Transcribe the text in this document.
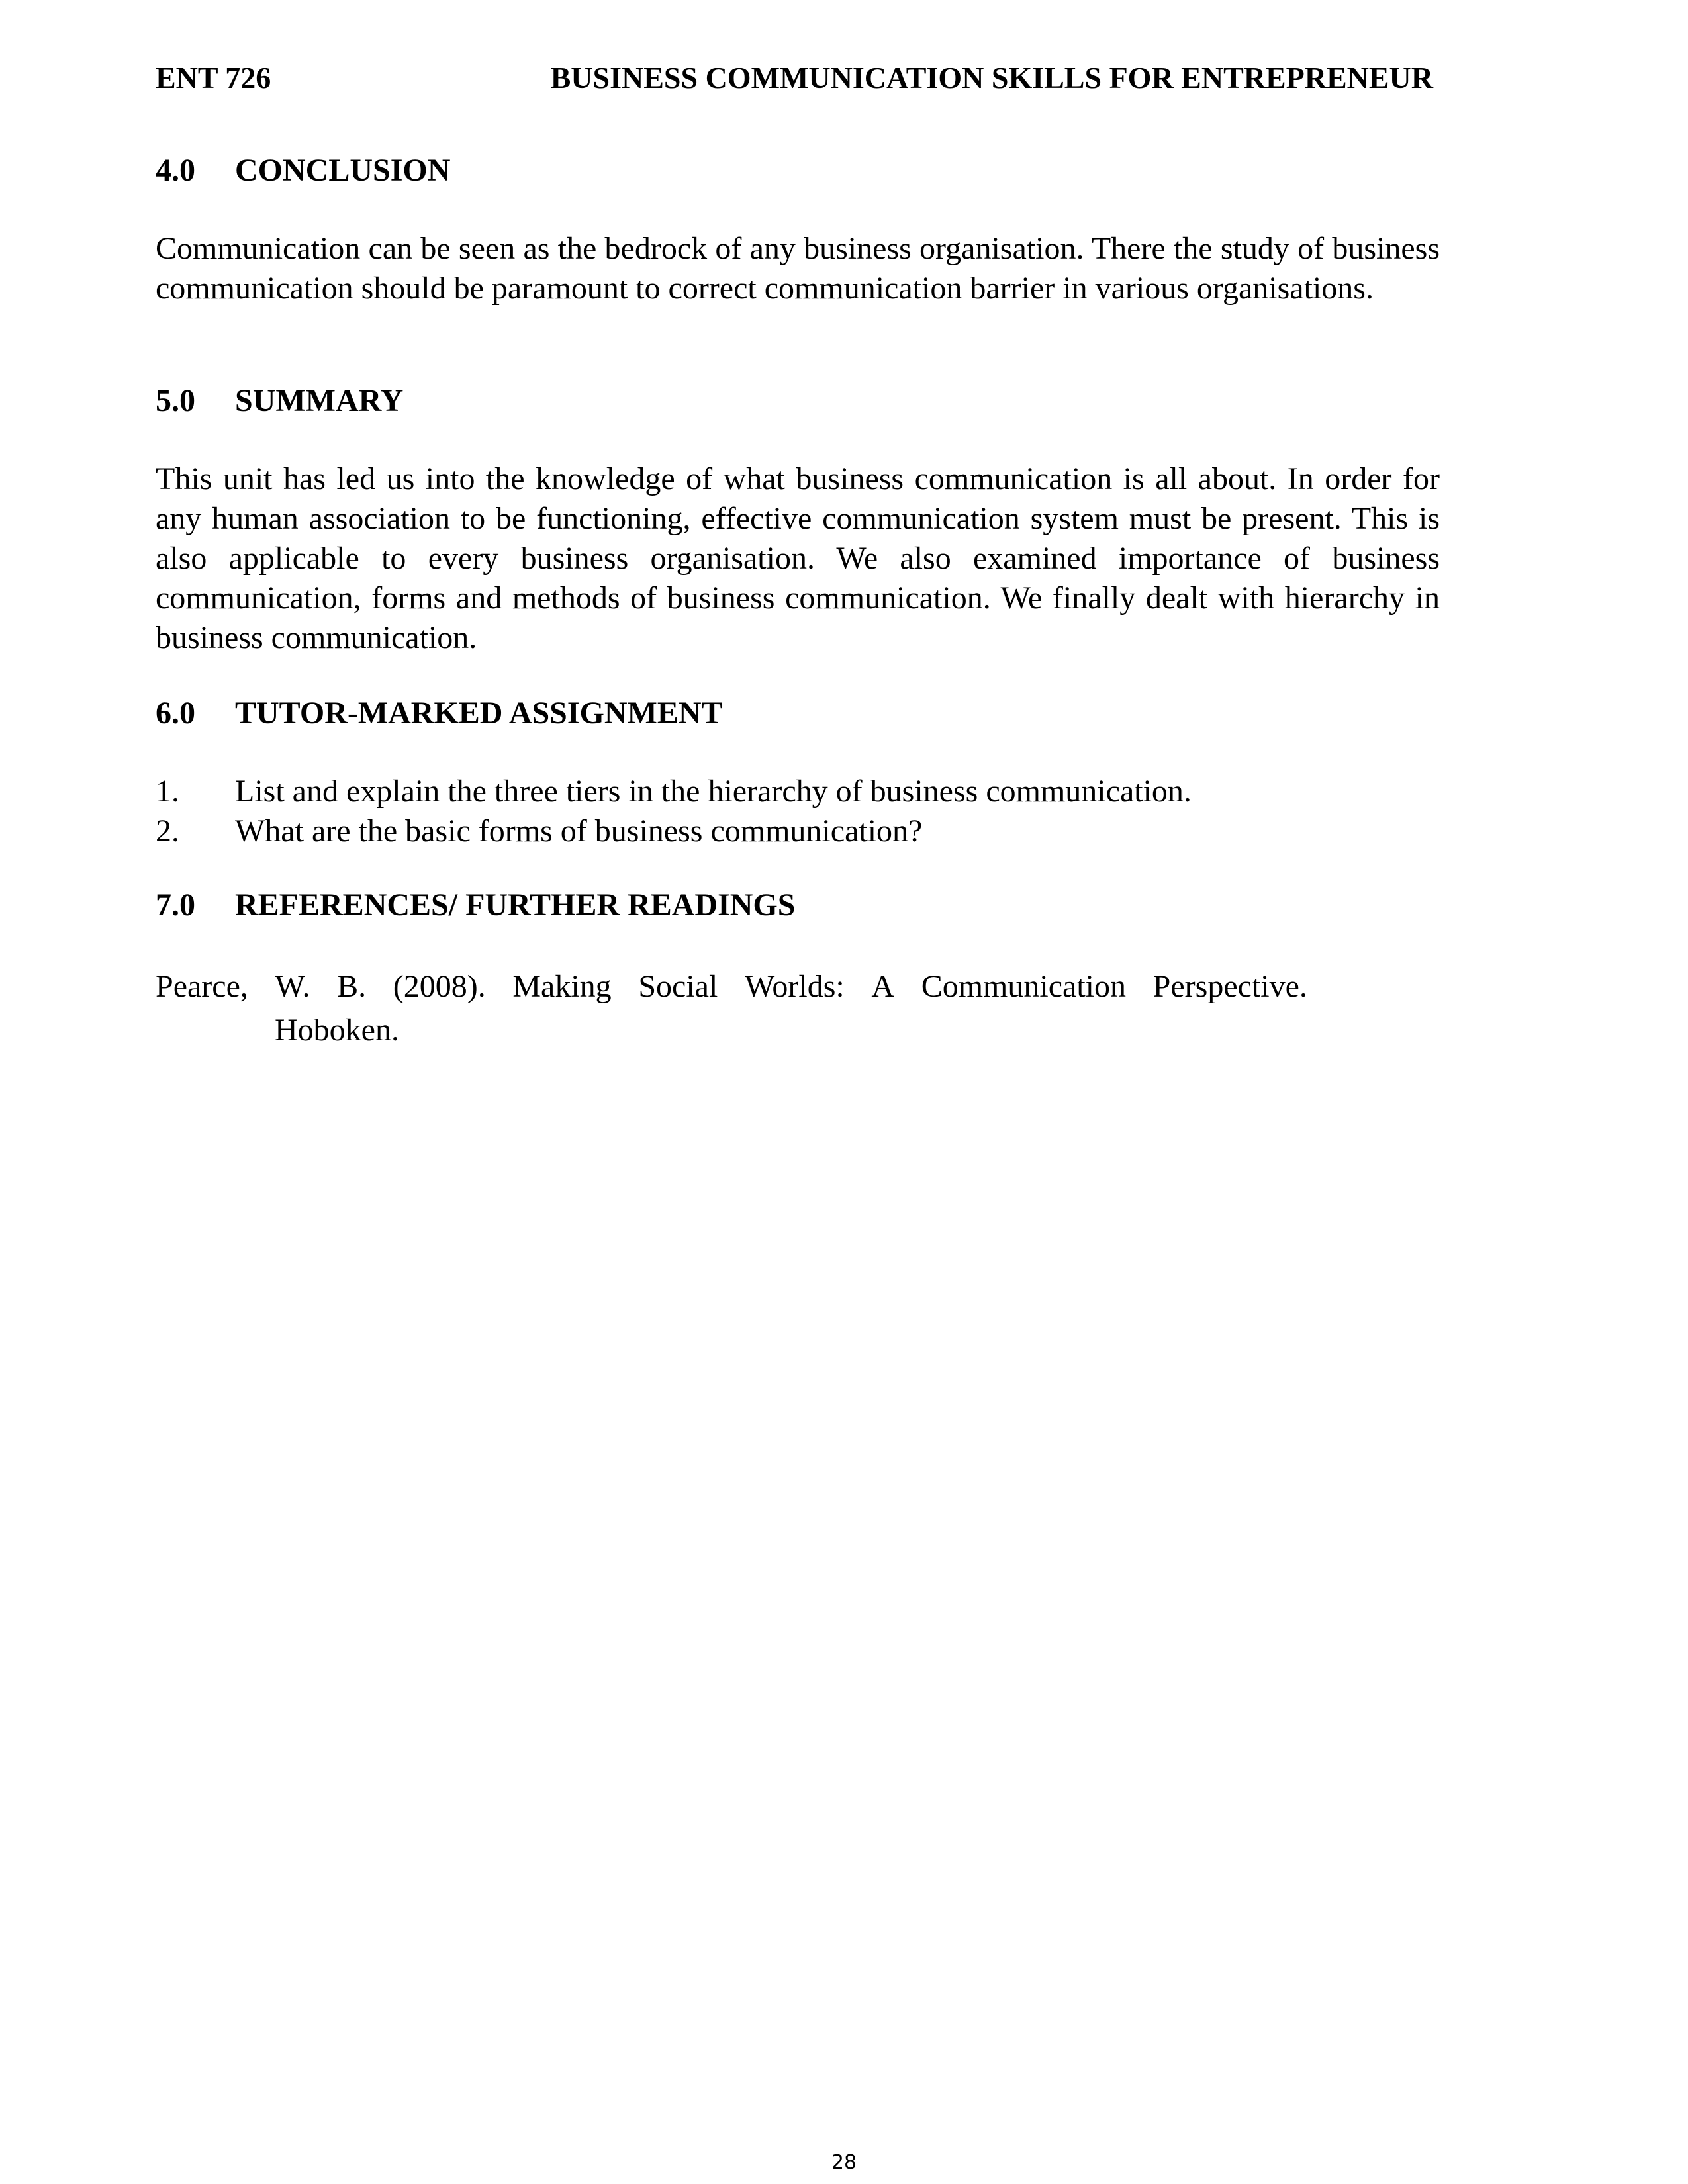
ENT 726	BUSINESS COMMUNICATION SKILLS FOR ENTREPRENEUR
4.0 CONCLUSION
Communication can be seen as the bedrock of any business organisation. There the study of business communication should be paramount to correct communication barrier in various organisations.
5.0 SUMMARY
This unit has led us into the knowledge of what business communication is all about. In order for any human association to be functioning, effective communication system must be present. This is also applicable to every business organisation. We also examined importance of business communication, forms and methods of business communication. We finally dealt with hierarchy in business communication.
6.0 TUTOR-MARKED ASSIGNMENT
1. List and explain the three tiers in the hierarchy of business communication.
2. What are the basic forms of business communication?
7.0 REFERENCES/ FURTHER READINGS
Pearce, W. B. (2008). Making Social Worlds: A Communication Perspective.
Hoboken.
28
